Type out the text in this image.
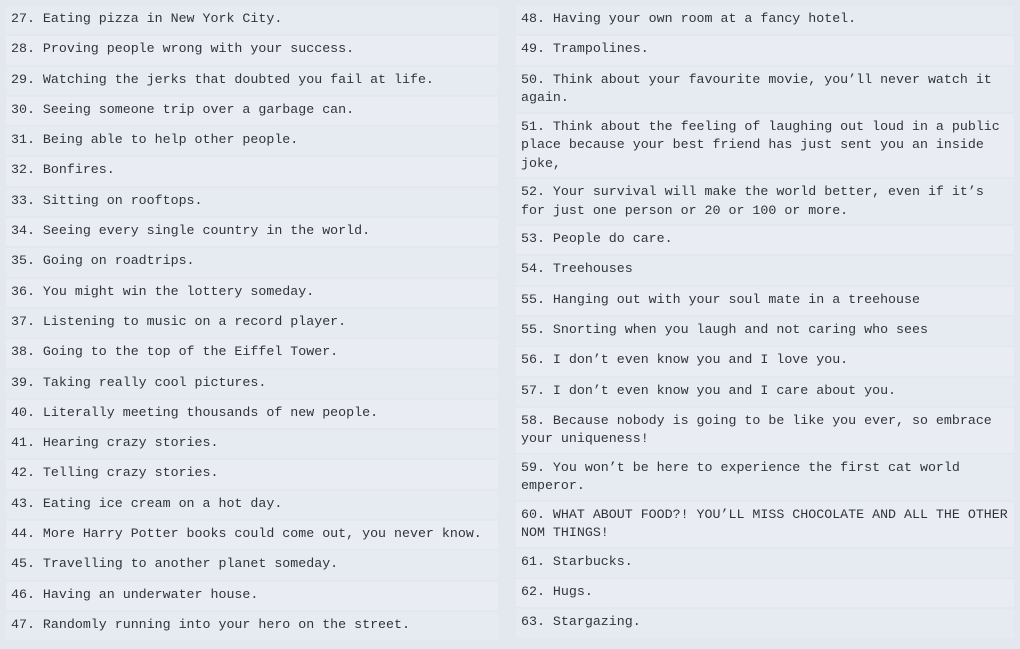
27. Eating pizza in New York City.
28. Proving people wrong with your success.
29. Watching the jerks that doubted you fail at life.
30. Seeing someone trip over a garbage can.
31. Being able to help other people.
32. Bonfires.
33. Sitting on rooftops.
34. Seeing every single country in the world.
35. Going on roadtrips.
36. You might win the lottery someday.
37. Listening to music on a record player.
38. Going to the top of the Eiffel Tower.
39. Taking really cool pictures.
40. Literally meeting thousands of new people.
41. Hearing crazy stories.
42. Telling crazy stories.
43. Eating ice cream on a hot day.
44. More Harry Potter books could come out, you never know.
45. Travelling to another planet someday.
46. Having an underwater house.
47. Randomly running into your hero on the street.
48. Having your own room at a fancy hotel.
49. Trampolines.
50. Think about your favourite movie, you’ll never watch it again.
51. Think about the feeling of laughing out loud in a public place because your best friend has just sent you an inside joke,
52. Your survival will make the world better, even if it’s for just one person or 20 or 100 or more.
53. People do care.
54. Treehouses
55. Hanging out with your soul mate in a treehouse
55. Snorting when you laugh and not caring who sees
56. I don’t even know you and I love you.
57. I don’t even know you and I care about you.
58. Because nobody is going to be like you ever, so embrace your uniqueness!
59. You won’t be here to experience the first cat world emperor.
60. WHAT ABOUT FOOD?! YOU’LL MISS CHOCOLATE AND ALL THE OTHER NOM THINGS!
61. Starbucks.
62. Hugs.
63. Stargazing.
